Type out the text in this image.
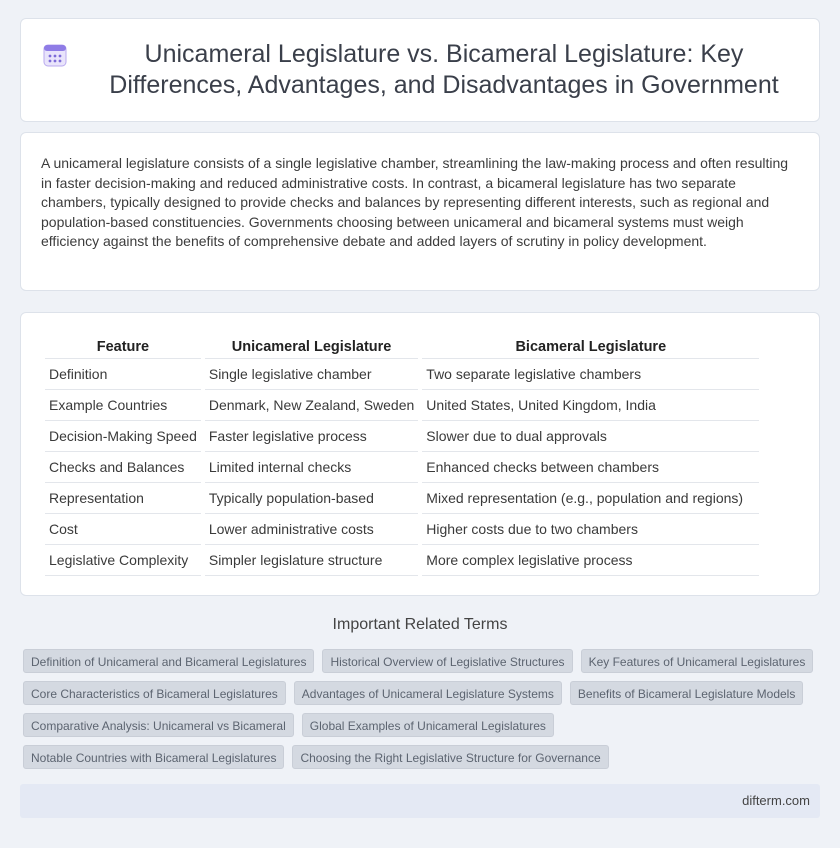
Unicameral Legislature vs. Bicameral Legislature: Key Differences, Advantages, and Disadvantages in Government

A unicameral legislature consists of a single legislative chamber, streamlining the law-making process and often resulting in faster decision-making and reduced administrative costs. In contrast, a bicameral legislature has two separate chambers, typically designed to provide checks and balances by representing different interests, such as regional and population-based constituencies. Governments choosing between unicameral and bicameral systems must weigh efficiency against the benefits of comprehensive debate and added layers of scrutiny in policy development.

Feature	Unicameral Legislature	Bicameral Legislature
Definition	Single legislative chamber	Two separate legislative chambers
Example Countries	Denmark, New Zealand, Sweden	United States, United Kingdom, India
Decision-Making Speed	Faster legislative process	Slower due to dual approvals
Checks and Balances	Limited internal checks	Enhanced checks between chambers
Representation	Typically population-based	Mixed representation (e.g., population and regions)
Cost	Lower administrative costs	Higher costs due to two chambers
Legislative Complexity	Simpler legislature structure	More complex legislative process
Important Related Terms
Definition of Unicameral and Bicameral Legislatures	Historical Overview of Legislative Structures	Key Features of Unicameral Legislatures
Core Characteristics of Bicameral Legislatures	Advantages of Unicameral Legislature Systems	Benefits of Bicameral Legislature Models
Comparative Analysis: Unicameral vs Bicameral	Global Examples of Unicameral Legislatures
Notable Countries with Bicameral Legislatures	Choosing the Right Legislative Structure for Governance
difterm.com
